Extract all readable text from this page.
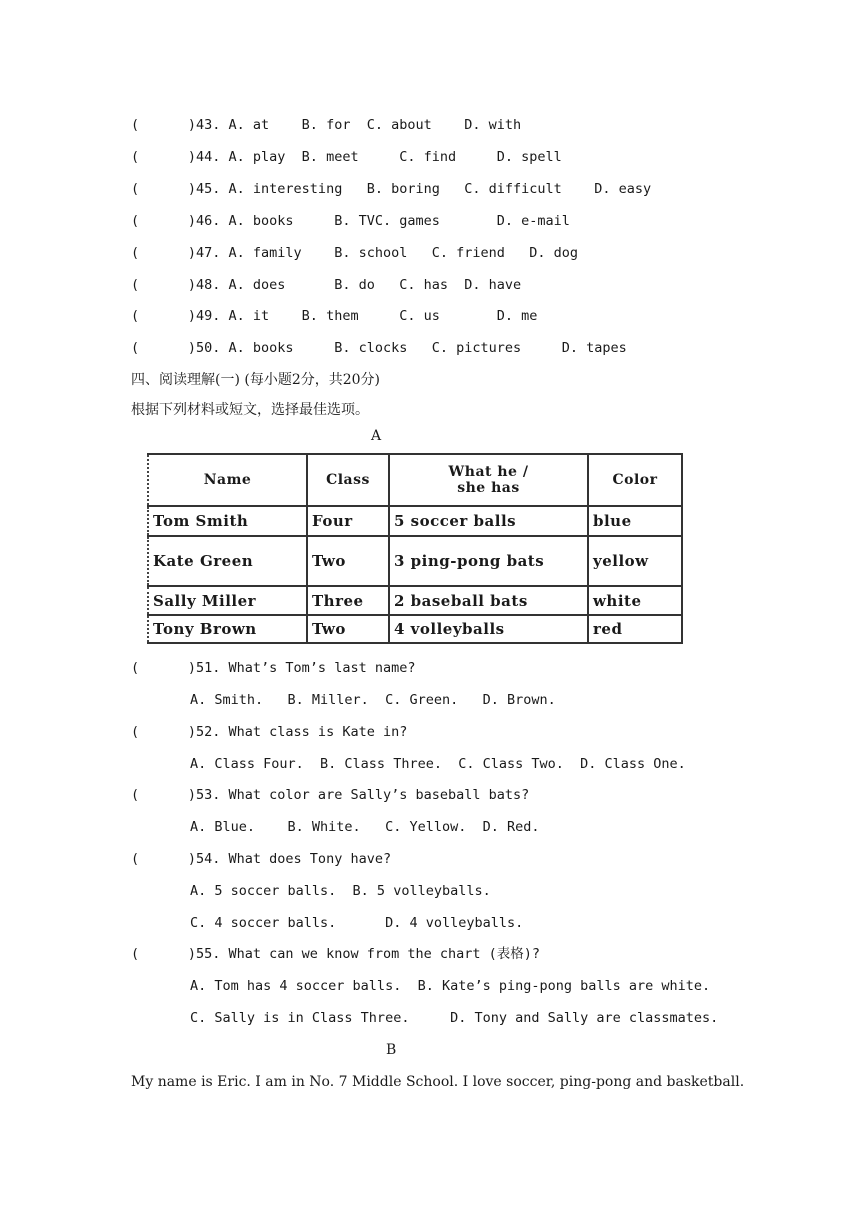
(      )43. A. at    B. for  C. about    D. with
(      )44. A. play  B. meet     C. find     D. spell
(      )45. A. interesting   B. boring   C. difficult    D. easy
(      )46. A. books     B. TVC. games       D. e-mail
(      )47. A. family    B. school   C. friend   D. dog
(      )48. A. does      B. do   C. has  D. have
(      )49. A. it    B. them     C. us       D. me
(      )50. A. books     B. clocks   C. pictures     D. tapes
四、阅读理解(一) (每小题2分，共20分)
根据下列材料或短文，选择最佳选项。
A
Name	Class	What he /
she has	Color
Tom Smith	Four	5 soccer balls	blue
Kate Green	Two	3 ping-pong bats	yellow
Sally Miller	Three	2 baseball bats	white
Tony Brown	Two	4 volleyballs	red
(      )51. What’s Tom’s last name?
A. Smith.   B. Miller.  C. Green.   D. Brown.
(      )52. What class is Kate in?
A. Class Four.  B. Class Three.  C. Class Two.  D. Class One.
(      )53. What color are Sally’s baseball bats?
A. Blue.    B. White.   C. Yellow.  D. Red.
(      )54. What does Tony have?
A. 5 soccer balls.  B. 5 volleyballs.
C. 4 soccer balls.      D. 4 volleyballs.
(      )55. What can we know from the chart (表格)?
A. Tom has 4 soccer balls.  B. Kate’s ping-pong balls are white.
C. Sally is in Class Three.     D. Tony and Sally are classmates.
B
My name is Eric. I am in No. 7 Middle School. I love soccer, ping-pong and basketball.
